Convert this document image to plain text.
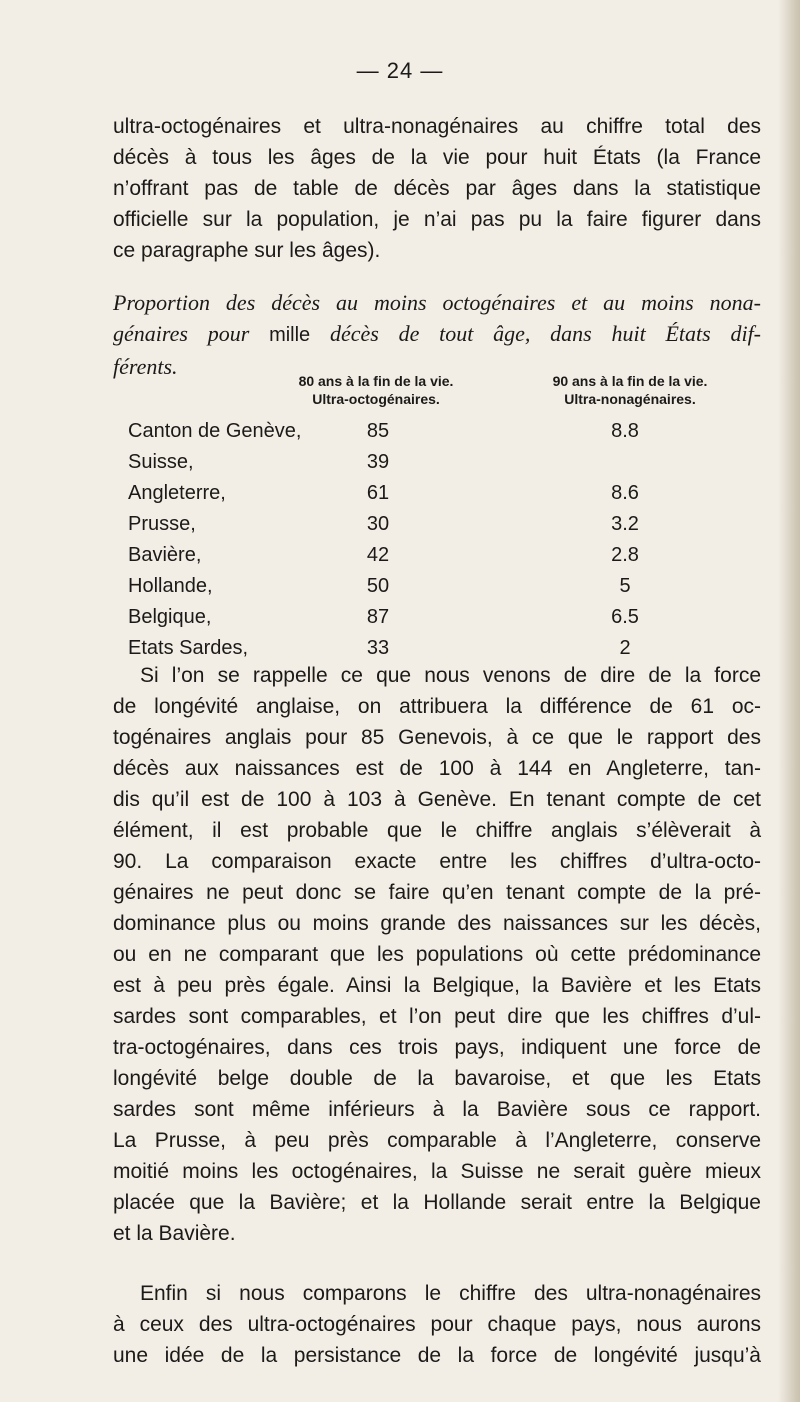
— 24 —
ultra-octogénaires et ultra-nonagénaires au chiffre total des
décès à tous les âges de la vie pour huit États (la France
n’offrant pas de table de décès par âges dans la statistique
officielle sur la population, je n’ai pas pu la faire figurer dans
ce paragraphe sur les âges).
Proportion des décès au moins octogénaires et au moins nona-
génaires pour mille décès de tout âge, dans huit États dif-
férents.
80 ans à la fin de la vie.
Ultra-octogénaires.
90 ans à la fin de la vie.
Ultra-nonagénaires.
Canton de Genève,	85	8.8
Suisse,	39
Angleterre,	61	8.6
Prusse,	30	3.2
Bavière,	42	2.8
Hollande,	50	5
Belgique,	87	6.5
Etats Sardes,	33	2
Si l’on se rappelle ce que nous venons de dire de la force
de longévité anglaise, on attribuera la différence de 61 oc-
togénaires anglais pour 85 Genevois, à ce que le rapport des
décès aux naissances est de 100 à 144 en Angleterre, tan-
dis qu’il est de 100 à 103 à Genève. En tenant compte de cet
élément, il est probable que le chiffre anglais s’élèverait à
90. La comparaison exacte entre les chiffres d’ultra-octo-
génaires ne peut donc se faire qu’en tenant compte de la pré-
dominance plus ou moins grande des naissances sur les décès,
ou en ne comparant que les populations où cette prédominance
est à peu près égale. Ainsi la Belgique, la Bavière et les Etats
sardes sont comparables, et l’on peut dire que les chiffres d’ul-
tra-octogénaires, dans ces trois pays, indiquent une force de
longévité belge double de la bavaroise, et que les Etats
sardes sont même inférieurs à la Bavière sous ce rapport.
La Prusse, à peu près comparable à l’Angleterre, conserve
moitié moins les octogénaires, la Suisse ne serait guère mieux
placée que la Bavière; et la Hollande serait entre la Belgique
et la Bavière.
Enfin si nous comparons le chiffre des ultra-nonagénaires
à ceux des ultra-octogénaires pour chaque pays, nous aurons
une idée de la persistance de la force de longévité jusqu’à
